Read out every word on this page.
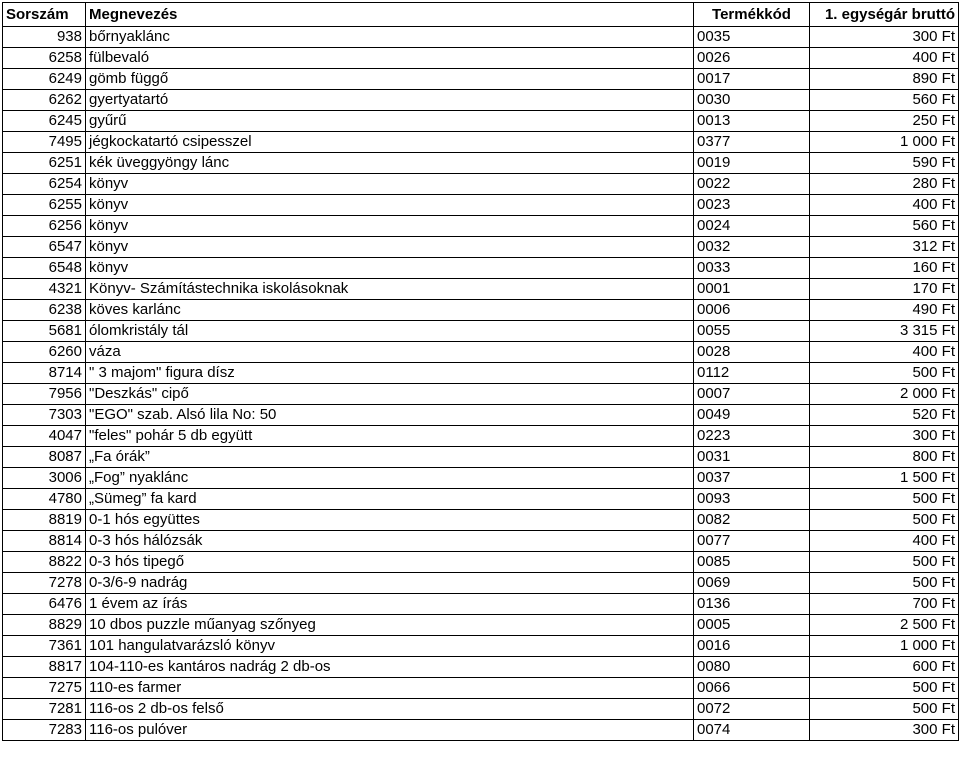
Sorszám	Megnevezés	Termékkód	1. egységár bruttó
938	bőrnyaklánc	0035	300 Ft
6258	fülbevaló	0026	400 Ft
6249	gömb függő	0017	890 Ft
6262	gyertyatartó	0030	560 Ft
6245	gyűrű	0013	250 Ft
7495	jégkockatartó csipesszel	0377	1 000 Ft
6251	kék üveggyöngy lánc	0019	590 Ft
6254	könyv	0022	280 Ft
6255	könyv	0023	400 Ft
6256	könyv	0024	560 Ft
6547	könyv	0032	312 Ft
6548	könyv	0033	160 Ft
4321	Könyv- Számítástechnika iskolásoknak	0001	170 Ft
6238	köves karlánc	0006	490 Ft
5681	ólomkristály tál	0055	3 315 Ft
6260	váza	0028	400 Ft
8714	" 3 majom" figura dísz	0112	500 Ft
7956	"Deszkás" cipő	0007	2 000 Ft
7303	"EGO" szab. Alsó lila No: 50	0049	520 Ft
4047	"feles" pohár 5 db együtt	0223	300 Ft
8087	„Fa órák”	0031	800 Ft
3006	„Fog” nyaklánc	0037	1 500 Ft
4780	„Sümeg” fa kard	0093	500 Ft
8819	0-1 hós együttes	0082	500 Ft
8814	0-3 hós hálózsák	0077	400 Ft
8822	0-3 hós tipegő	0085	500 Ft
7278	0-3/6-9 nadrág	0069	500 Ft
6476	1 évem az írás	0136	700 Ft
8829	10 dbos puzzle műanyag szőnyeg	0005	2 500 Ft
7361	101 hangulatvarázsló könyv	0016	1 000 Ft
8817	104-110-es kantáros nadrág 2 db-os	0080	600 Ft
7275	110-es farmer	0066	500 Ft
7281	116-os 2 db-os felső	0072	500 Ft
7283	116-os pulóver	0074	300 Ft
